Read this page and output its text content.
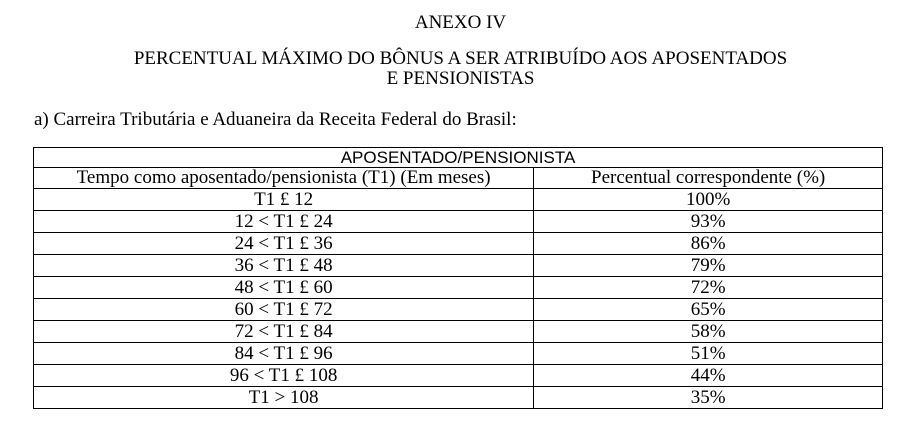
ANEXO IV
PERCENTUAL MÁXIMO DO BÔNUS A SER ATRIBUÍDO AOS APOSENTADOS
E PENSIONISTAS
a) Carreira Tributária e Aduaneira da Receita Federal do Brasil:
APOSENTADO/PENSIONISTA	
Tempo como aposentado/pensionista (T1) (Em meses)	Percentual correspondente (%)
T1 £ 12	100%
12 < T1 £ 24	93%
24 < T1 £ 36	86%
36 < T1 £ 48	79%
48 < T1 £ 60	72%
60 < T1 £ 72	65%
72 < T1 £ 84	58%
84 < T1 £ 96	51%
96 < T1 £ 108	44%
T1 > 108	35%
